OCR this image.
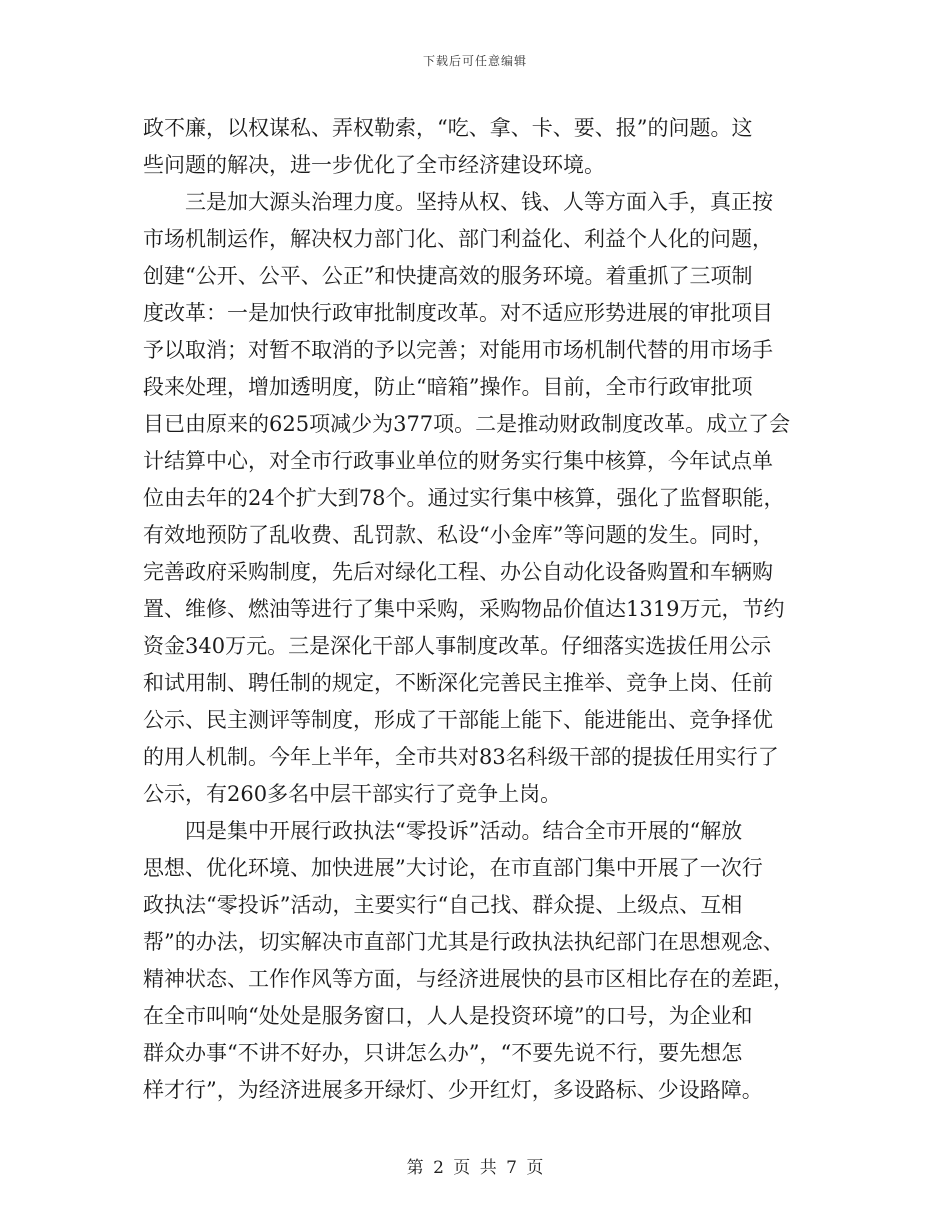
下载后可任意编辑
政不廉，以权谋私、弄权勒索，“吃、拿、卡、要、报”的问题。这
些问题的解决，进一步优化了全市经济建设环境。
　　三是加大源头治理力度。坚持从权、钱、人等方面入手，真正按
市场机制运作，解决权力部门化、部门利益化、利益个人化的问题，
创建“公开、公平、公正”和快捷高效的服务环境。着重抓了三项制
度改革：一是加快行政审批制度改革。对不适应形势进展的审批项目
予以取消；对暂不取消的予以完善；对能用市场机制代替的用市场手
段来处理，增加透明度，防止“暗箱”操作。目前，全市行政审批项
目已由原来的625项减少为377项。二是推动财政制度改革。成立了会
计结算中心，对全市行政事业单位的财务实行集中核算，今年试点单
位由去年的24个扩大到78个。通过实行集中核算，强化了监督职能，
有效地预防了乱收费、乱罚款、私设“小金库”等问题的发生。同时，
完善政府采购制度，先后对绿化工程、办公自动化设备购置和车辆购
置、维修、燃油等进行了集中采购，采购物品价值达1319万元，节约
资金340万元。三是深化干部人事制度改革。仔细落实选拔任用公示
和试用制、聘任制的规定，不断深化完善民主推举、竞争上岗、任前
公示、民主测评等制度，形成了干部能上能下、能进能出、竞争择优
的用人机制。今年上半年，全市共对83名科级干部的提拔任用实行了
公示，有260多名中层干部实行了竞争上岗。
　　四是集中开展行政执法“零投诉”活动。结合全市开展的“解放
思想、优化环境、加快进展”大讨论，在市直部门集中开展了一次行
政执法“零投诉”活动，主要实行“自己找、群众提、上级点、互相
帮”的办法，切实解决市直部门尤其是行政执法执纪部门在思想观念、
精神状态、工作作风等方面，与经济进展快的县市区相比存在的差距，
在全市叫响“处处是服务窗口，人人是投资环境”的口号，为企业和
群众办事“不讲不好办，只讲怎么办”，“不要先说不行，要先想怎
样才行”，为经济进展多开绿灯、少开红灯，多设路标、少设路障。
第 2 页 共 7 页
